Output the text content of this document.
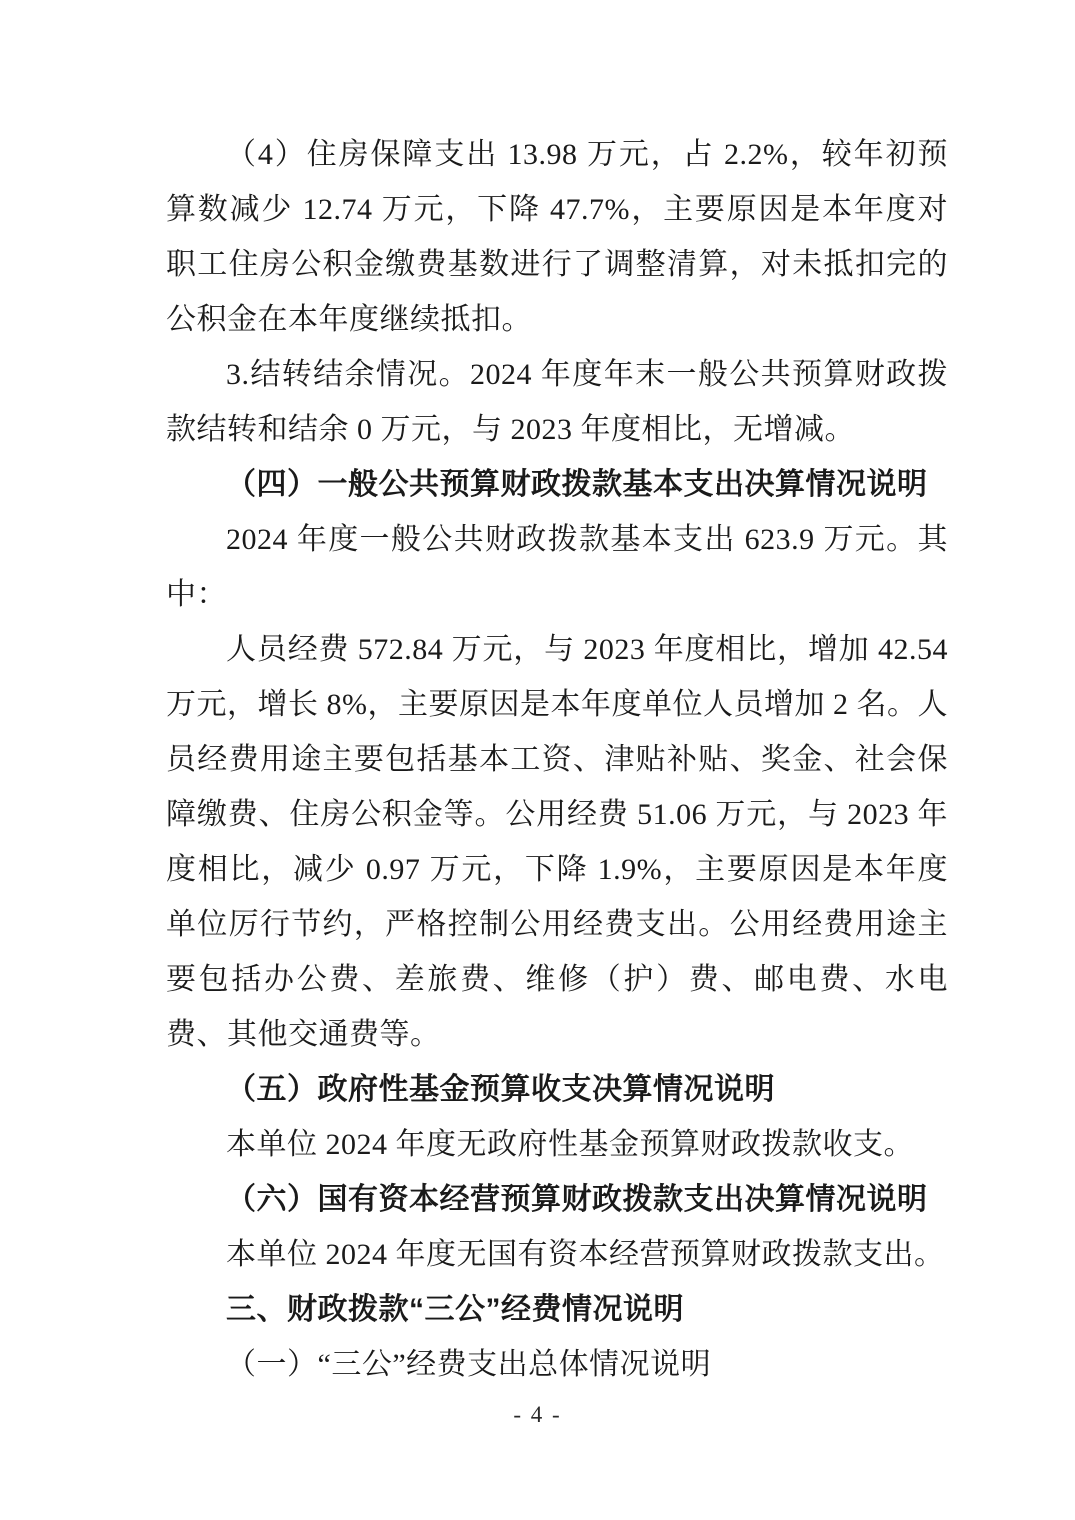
（4）住房保障支出 13.98 万元，占 2.2%，较年初预算数减少 12.74 万元，下降 47.7%，主要原因是本年度对职工住房公积金缴费基数进行了调整清算，对未抵扣完的公积金在本年度继续抵扣。

3.结转结余情况。2024 年度年末一般公共预算财政拨款结转和结余 0 万元，与 2023 年度相比，无增减。

（四）一般公共预算财政拨款基本支出决算情况说明

2024 年度一般公共财政拨款基本支出 623.9 万元。其中：

人员经费 572.84 万元，与 2023 年度相比，增加 42.54 万元，增长 8%，主要原因是本年度单位人员增加 2 名。人员经费用途主要包括基本工资、津贴补贴、奖金、社会保障缴费、住房公积金等。公用经费 51.06 万元，与 2023 年度相比，减少 0.97 万元，下降 1.9%，主要原因是本年度单位厉行节约，严格控制公用经费支出。公用经费用途主要包括办公费、差旅费、维修（护）费、邮电费、水电费、其他交通费等。

（五）政府性基金预算收支决算情况说明

本单位 2024 年度无政府性基金预算财政拨款收支。

（六）国有资本经营预算财政拨款支出决算情况说明

本单位 2024 年度无国有资本经营预算财政拨款支出。

三、财政拨款“三公”经费情况说明

（一）“三公”经费支出总体情况说明

- 4 -
